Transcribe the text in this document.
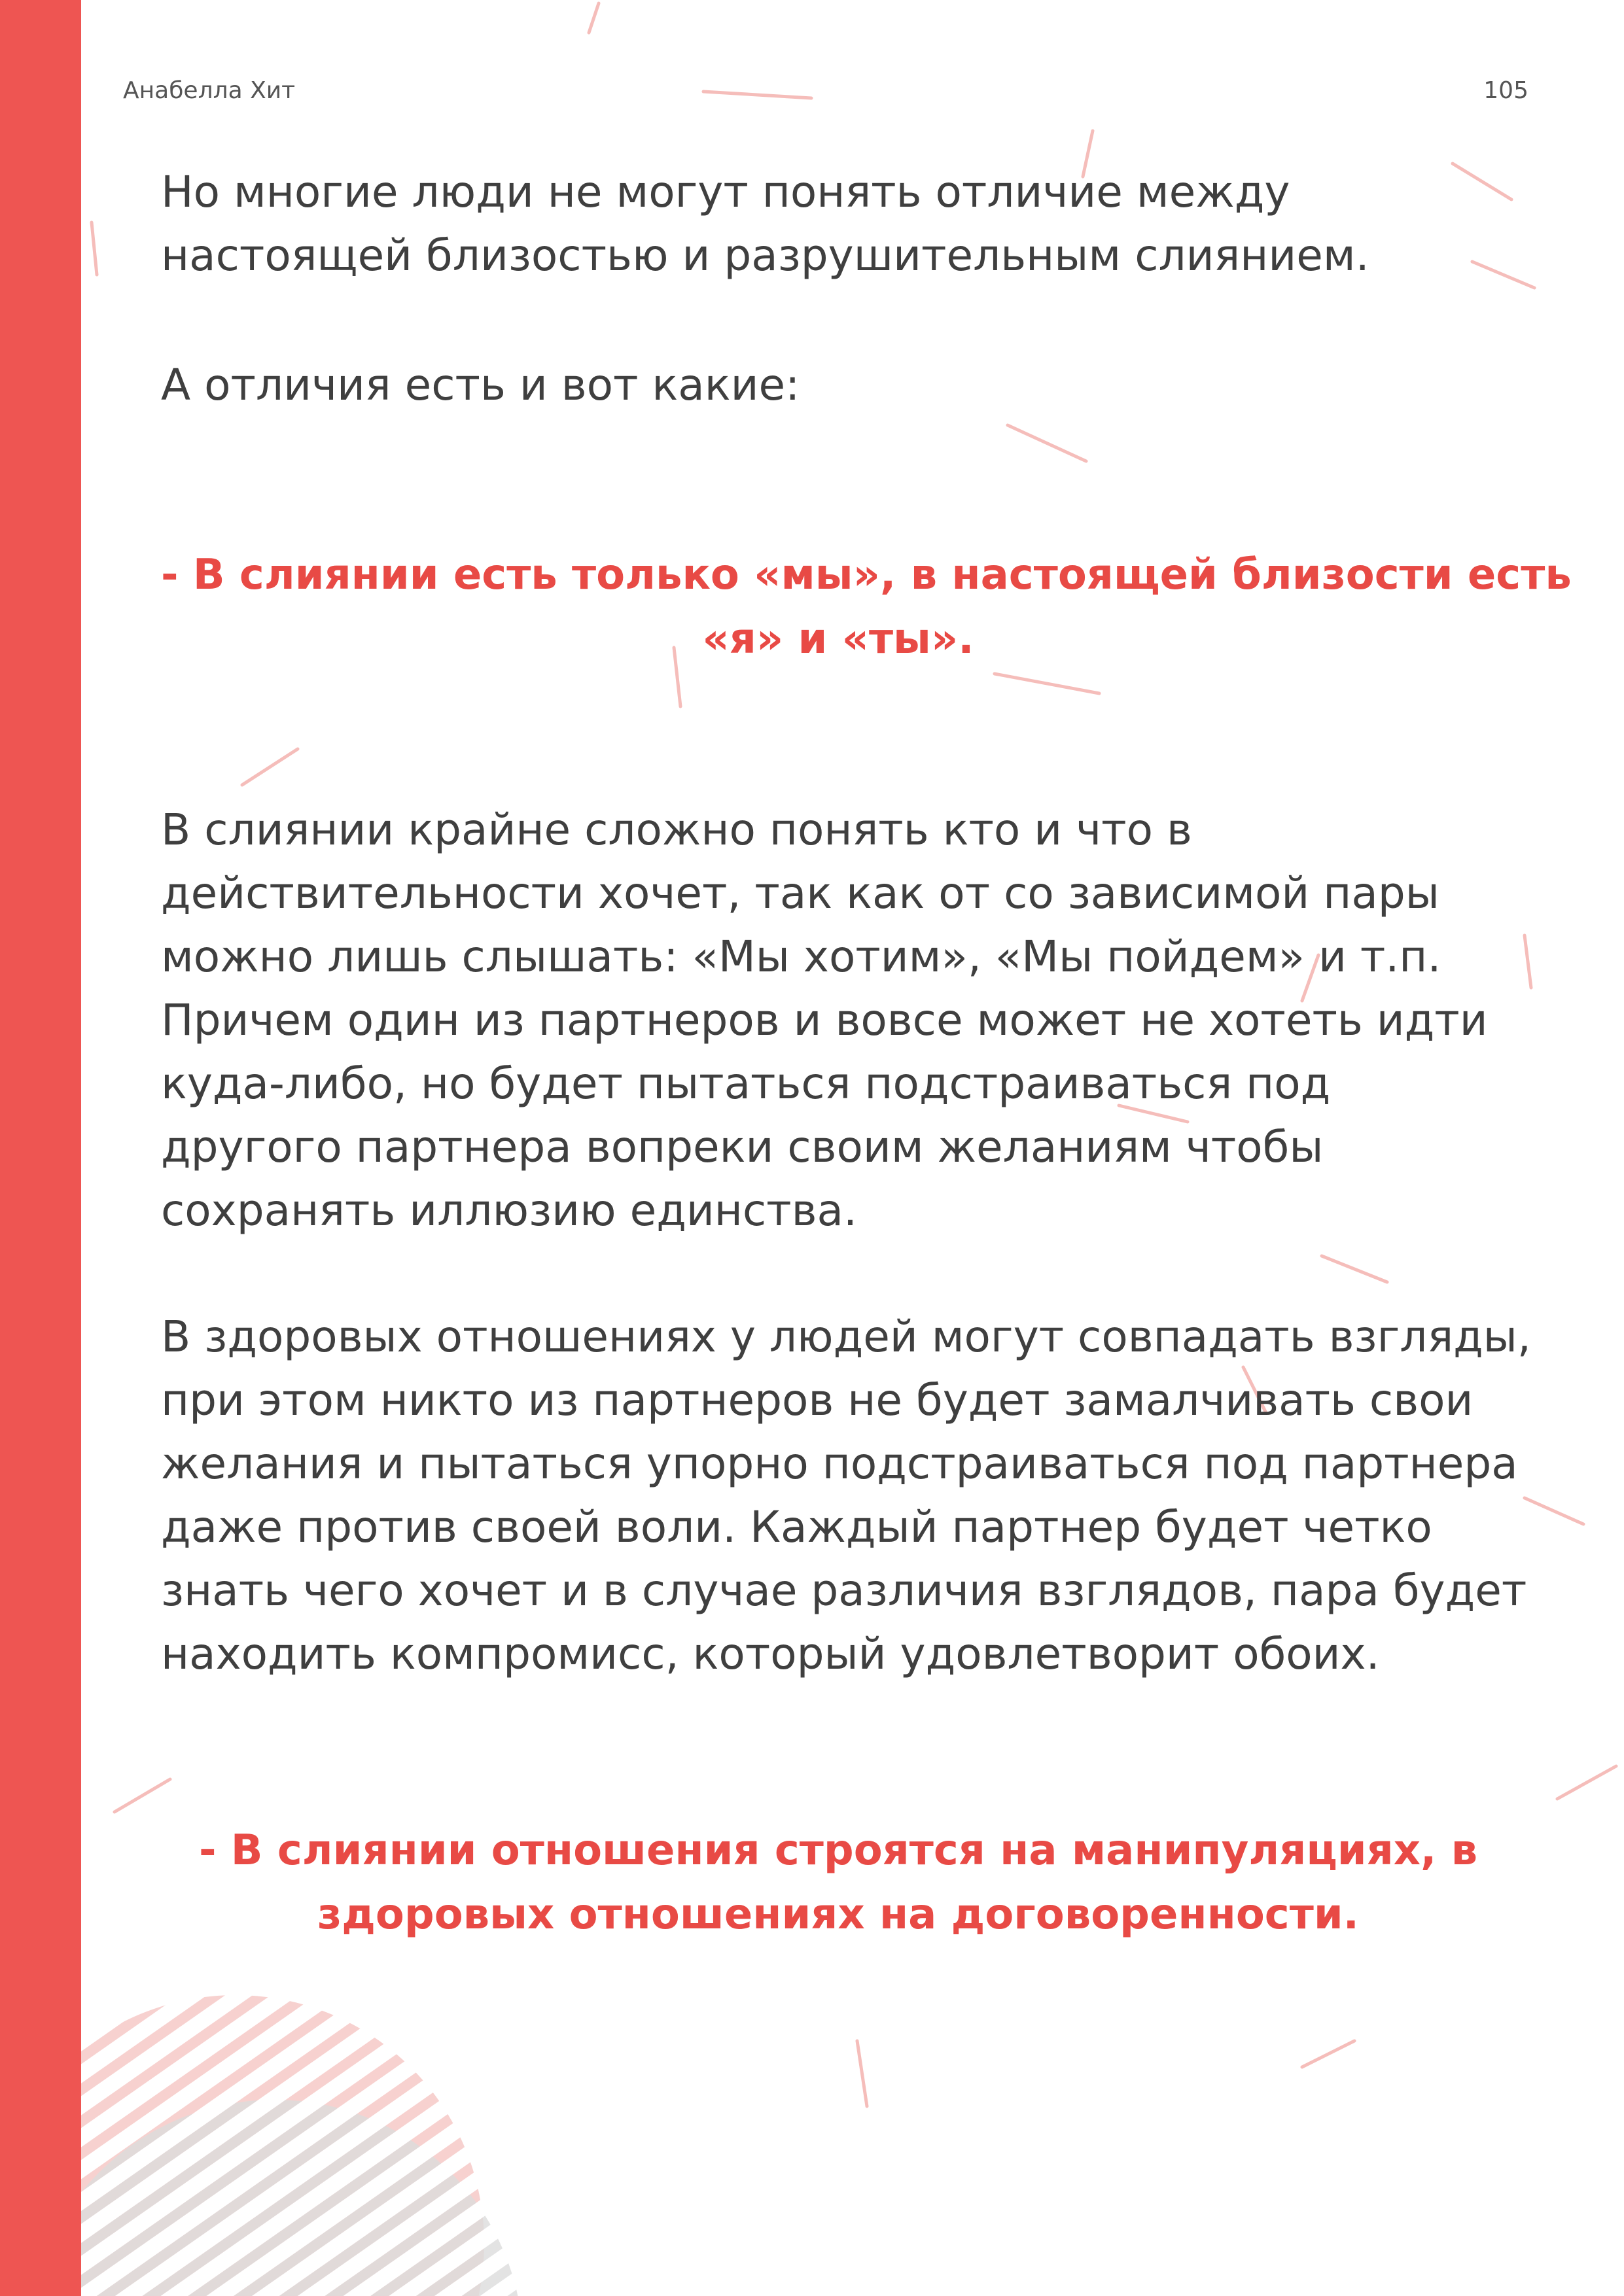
Анабелла Хит	105
Но многие люди не могут понять отличие между
настоящей близостью и разрушительным слиянием.
А отличия есть и вот какие:
- В слиянии есть только «мы», в настоящей близости есть
«я» и «ты».
В слиянии крайне сложно понять кто и что в
действительности хочет, так как от со зависимой пары
можно лишь слышать: «Мы хотим», «Мы пойдем» и т.п.
Причем один из партнеров и вовсе может не хотеть идти
куда-либо, но будет пытаться подстраиваться под
другого партнера вопреки своим желаниям чтобы
сохранять иллюзию единства.
В здоровых отношениях у людей могут совпадать взгляды,
при этом никто из партнеров не будет замалчивать свои
желания и пытаться упорно подстраиваться под партнера
даже против своей воли. Каждый партнер будет четко
знать чего хочет и в случае различия взглядов, пара будет
находить компромисс, который удовлетворит обоих.
- В слиянии отношения строятся на манипуляциях, в
здоровых отношениях на договоренности.
